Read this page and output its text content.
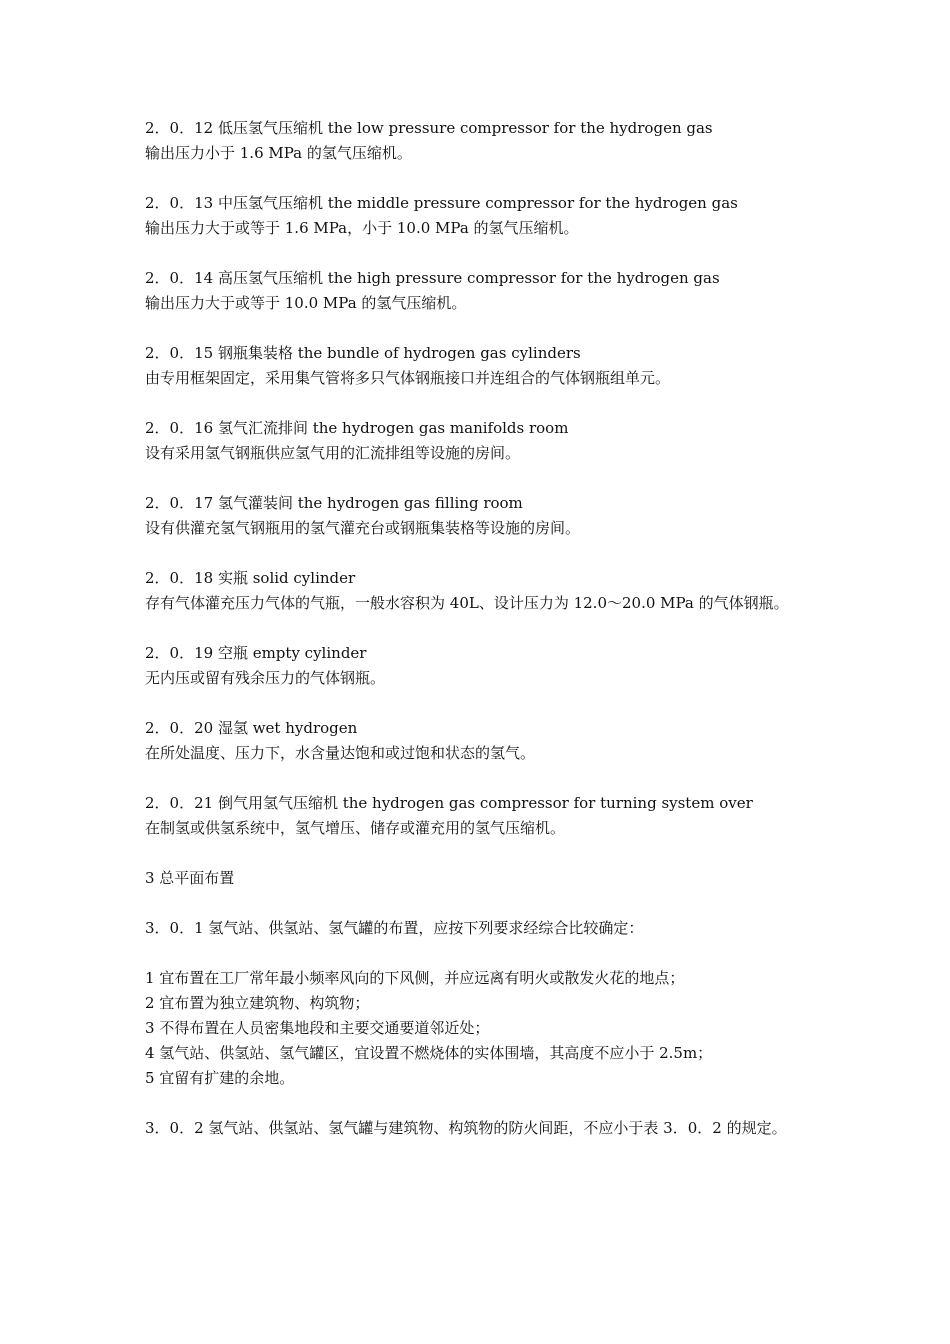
2．0．12 低压氢气压缩机 the low pressure compressor for the hydrogen gas

输出压力小于 1.6 MPa 的氢气压缩机。

2．0．13 中压氢气压缩机 the middle pressure compressor for the hydrogen gas

输出压力大于或等于 1.6 MPa，小于 10.0 MPa 的氢气压缩机。

2．0．14 高压氢气压缩机 the high pressure compressor for the hydrogen gas

输出压力大于或等于 10.0 MPa 的氢气压缩机。

2．0．15 钢瓶集装格 the bundle of hydrogen gas cylinders

由专用框架固定，采用集气管将多只气体钢瓶接口并连组合的气体钢瓶组单元。

2．0．16 氢气汇流排间 the hydrogen gas manifolds room

设有采用氢气钢瓶供应氢气用的汇流排组等设施的房间。

2．0．17 氢气灌装间 the hydrogen gas filling room

设有供灌充氢气钢瓶用的氢气灌充台或钢瓶集装格等设施的房间。

2．0．18 实瓶 solid cylinder

存有气体灌充压力气体的气瓶，一般水容积为 40L、设计压力为 12.0～20.0 MPa 的气体钢瓶。

2．0．19 空瓶 empty cylinder

无内压或留有残余压力的气体钢瓶。

2．0．20 湿氢 wet hydrogen

在所处温度、压力下，水含量达饱和或过饱和状态的氢气。

2．0．21 倒气用氢气压缩机 the hydrogen gas compressor for turning system over

在制氢或供氢系统中，氢气增压、储存或灌充用的氢气压缩机。

3 总平面布置

3．0．1 氢气站、供氢站、氢气罐的布置，应按下列要求经综合比较确定：

1 宜布置在工厂常年最小频率风向的下风侧，并应远离有明火或散发火花的地点；
2 宜布置为独立建筑物、构筑物；
3 不得布置在人员密集地段和主要交通要道邻近处；
4 氢气站、供氢站、氢气罐区，宜设置不燃烧体的实体围墙，其高度不应小于 2.5m；
5 宜留有扩建的余地。

3．0．2 氢气站、供氢站、氢气罐与建筑物、构筑物的防火间距，不应小于表 3．0．2 的规定。
